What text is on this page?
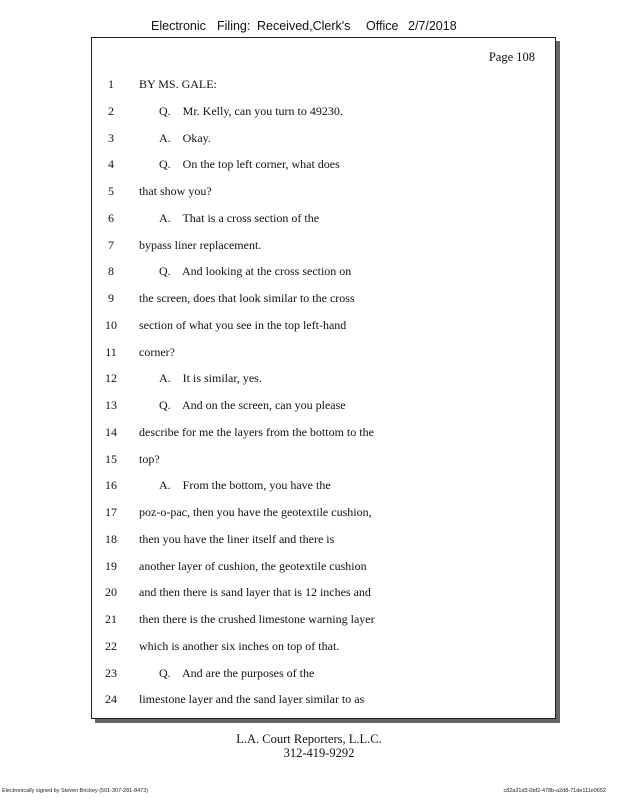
Electronic Filing: Received,Clerk's Office 2/7/2018
Page 108
1	BY MS. GALE:
2	Q.    Mr. Kelly, can you turn to 49230.
3	A.    Okay.
4	Q.    On the top left corner, what does
5	that show you?
6	A.    That is a cross section of the
7	bypass liner replacement.
8	Q.    And looking at the cross section on
9	the screen, does that look similar to the cross
10	section of what you see in the top left-hand
11	corner?
12	A.    It is similar, yes.
13	Q.    And on the screen, can you please
14	describe for me the layers from the bottom to the
15	top?
16	A.    From the bottom, you have the
17	poz-o-pac, then you have the geotextile cushion,
18	then you have the liner itself and there is
19	another layer of cushion, the geotextile cushion
20	and then there is sand layer that is 12 inches and
21	then there is the crushed limestone warning layer
22	which is another six inches on top of that.
23	Q.    And are the purposes of the
24	limestone layer and the sand layer similar to as
L.A. Court Reporters, L.L.C.
312-419-9292
Electronically signed by Steven Brickey (501-307-281-8473)	c82a31d3-0bf2-478b-a2d8-71de111e0652
